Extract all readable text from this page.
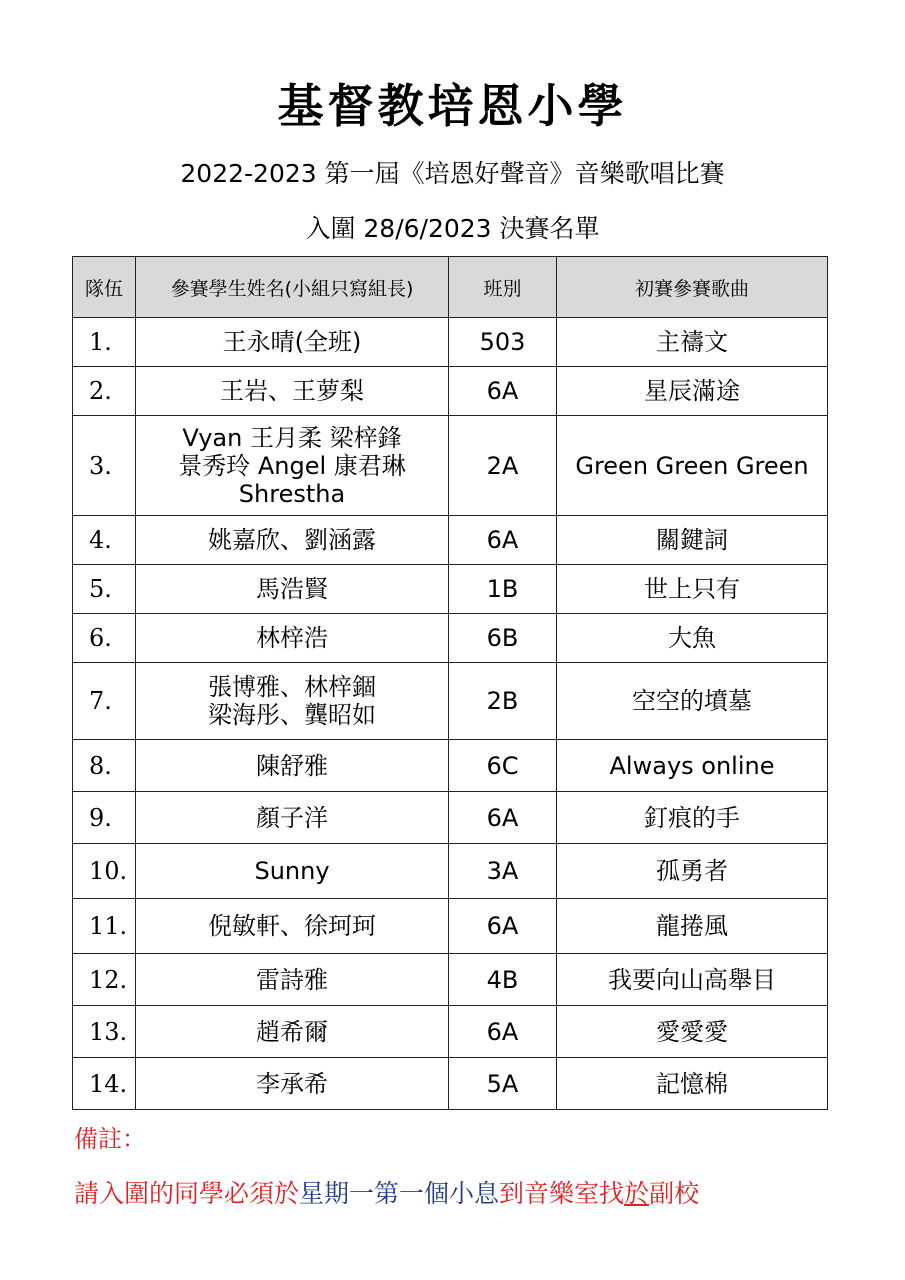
基督教培恩小學
2022-2023 第一屆《培恩好聲音》音樂歌唱比賽
入圍 28/6/2023 決賽名單
隊伍	參賽學生姓名(小組只寫組長)	班別	初賽參賽歌曲
1.	王永晴(全班)	503	主禱文
2.	王岩、王萝梨	6A	星辰滿途
3.	Vyan 王月柔 梁梓鋒
景秀玲 Angel 康君琳
Shrestha	2A	Green Green Green
4.	姚嘉欣、劉涵露	6A	關鍵詞
5.	馬浩賢	1B	世上只有
6.	林梓浩	6B	大魚
7.	張博雅、林梓錮
梁海彤、龔昭如	2B	空空的墳墓
8.	陳舒雅	6C	Always online
9.	顏子洋	6A	釘痕的手
10.	Sunny	3A	孤勇者
11.	倪敏軒、徐珂珂	6A	龍捲風
12.	雷詩雅	4B	我要向山高舉目
13.	趙希爾	6A	愛愛愛
14.	李承希	5A	記憶棉
備註：
請入圍的同學必須於星期一第一個小息到音樂室找於副校
